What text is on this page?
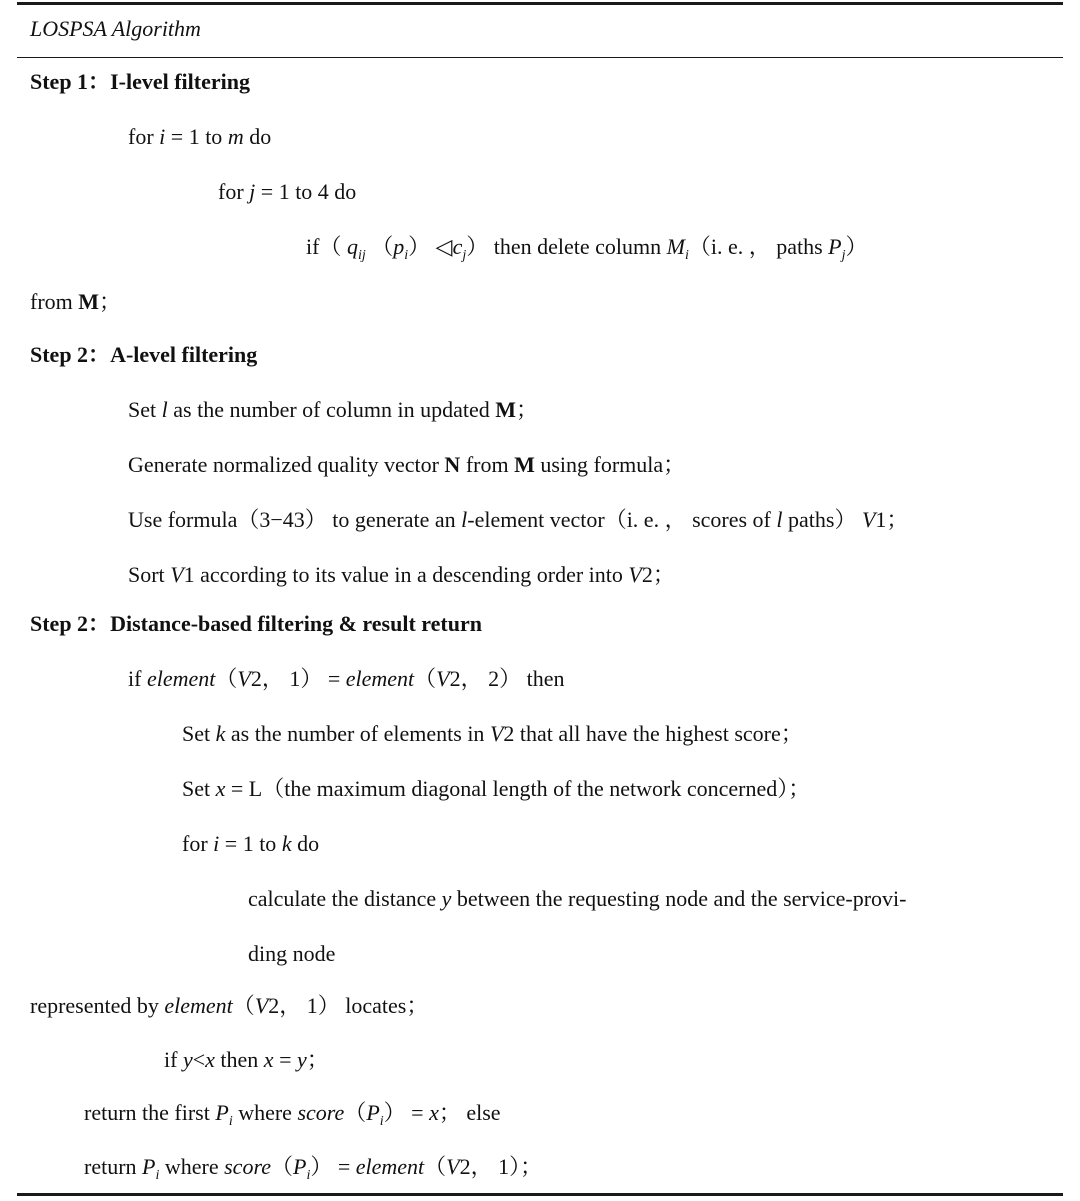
LOSPSA Algorithm
Step 1：I-level filtering
for i = 1 to m do
for j = 1 to 4 do
if（ $q_{ij}$ $(p_i)$ $◁c_j$） then delete column $M_i(i$. e. ， paths $P_j$）
from M；
Step 2：A-level filtering
Set l as the number of column in updated M；
Generate normalized quality vector N from M using formula；
Use formula（3−43） to generate an l-element vector（i. e. ， scores of l paths） V1；
Sort V1 according to its value in a descending order into V2；
Step 2：Distance-based filtering & result return
if element（V2， 1） = element（V2， 2） then
Set k as the number of elements in V2 that all have the highest score；
Set x = L（the maximum diagonal length of the network concerned）；
for i = 1 to k do
calculate the distance y between the requesting node and the service-provi-
ding node
represented by element（V2， 1） locates；
if y<x then x = y；
return the first $P_i$ where $score(P_i) = x$； else
return $P_i$ where $score(P_i)$ = element（V2， 1）；
